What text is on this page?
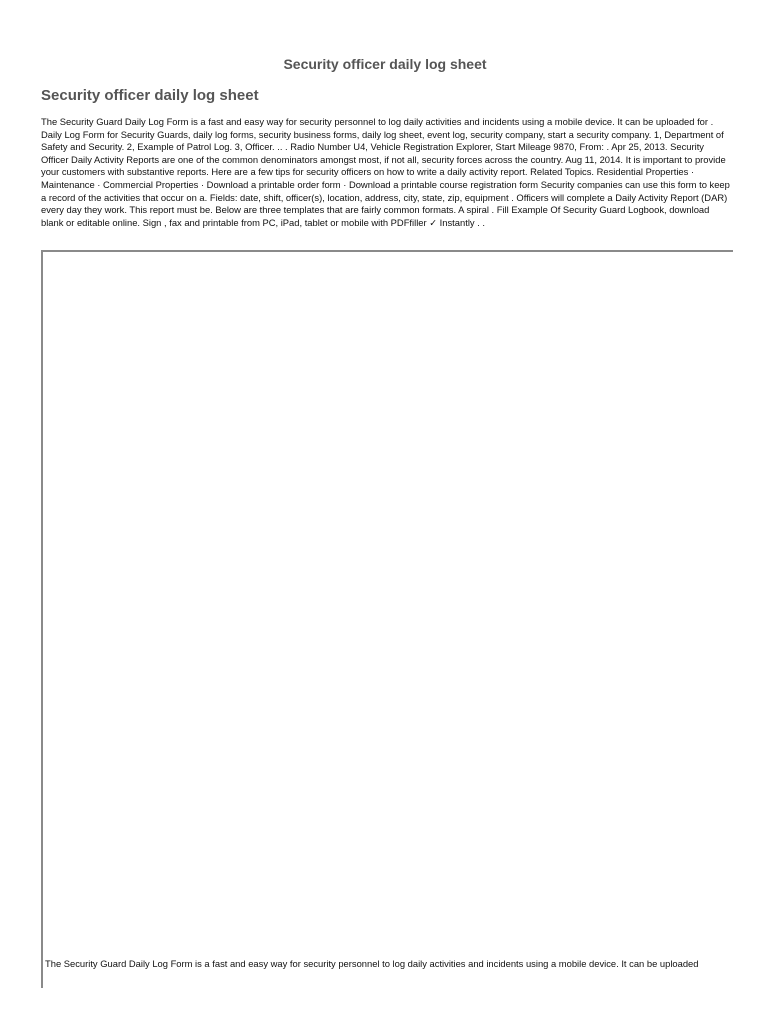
Security officer daily log sheet
Security officer daily log sheet

The Security Guard Daily Log Form is a fast and easy way for security personnel to log daily activities and incidents using a mobile device. It can be uploaded for . Daily Log Form for Security Guards, daily log forms, security business forms, daily log sheet, event log, security company, start a security company. 1, Department of Safety and Security. 2, Example of Patrol Log. 3, Officer. .. . Radio Number U4, Vehicle Registration Explorer, Start Mileage 9870, From: . Apr 25, 2013. Security Officer Daily Activity Reports are one of the common denominators amongst most, if not all, security forces across the country. Aug 11, 2014. It is important to provide your customers with substantive reports. Here are a few tips for security officers on how to write a daily activity report. Related Topics. Residential Properties · Maintenance · Commercial Properties · Download a printable order form · Download a printable course registration form Security companies can use this form to keep a record of the activities that occur on a. Fields: date, shift, officer(s), location, address, city, state, zip, equipment . Officers will complete a Daily Activity Report (DAR) every day they work. This report must be. Below are three templates that are fairly common formats. A spiral . Fill Example Of Security Guard Logbook, download blank or editable online. Sign , fax and printable from PC, iPad, tablet or mobile with PDFfiller ✓ Instantly . .

The Security Guard Daily Log Form is a fast and easy way for security personnel to log daily activities and incidents using a mobile device. It can be uploaded
